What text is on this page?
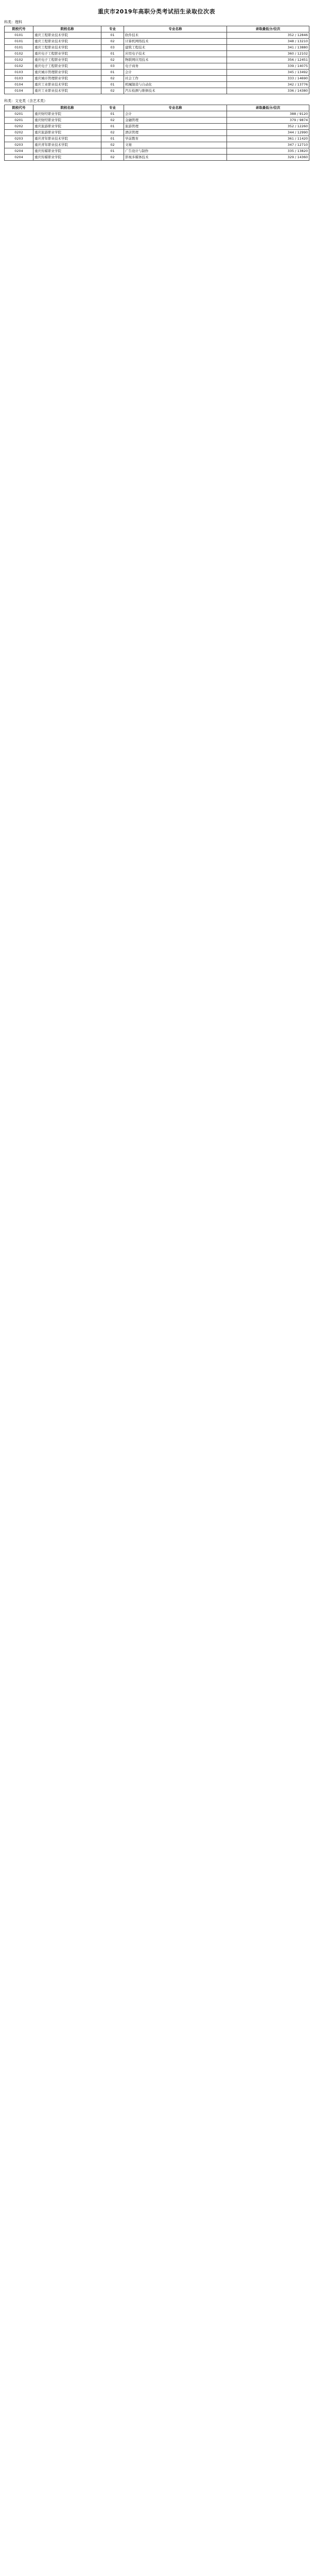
重庆市2019年高职分类考试招生录取位次表
科类：理科
院校代号	院校名称	专业	专业名称	录取最低分/位次
0101	重庆工程职业技术学院	01	软件技术	352 / 12846
0101	重庆工程职业技术学院	02	计算机网络技术	348 / 13210
0101	重庆工程职业技术学院	03	建筑工程技术	341 / 13880
0102	重庆电子工程职业学院	01	应用电子技术	360 / 12102
0102	重庆电子工程职业学院	02	物联网应用技术	356 / 12451
0102	重庆电子工程职业学院	03	电子商务	339 / 14075
0103	重庆城市管理职业学院	01	会计	345 / 13492
0103	重庆城市管理职业学院	02	社会工作	333 / 14690
0104	重庆工业职业技术学院	01	机械制造与自动化	342 / 13776
0104	重庆工业职业技术学院	02	汽车检测与维修技术	336 / 14380
科类：文史类（含艺术类）
院校代号	院校名称	专业	专业名称	录取最低分/位次
0201	重庆财经职业学院	01	会计	388 / 9120
0201	重庆财经职业学院	02	金融管理	379 / 9874
0202	重庆旅游职业学院	01	旅游管理	352 / 12260
0202	重庆旅游职业学院	02	酒店管理	344 / 12990
0203	重庆青年职业技术学院	01	学前教育	361 / 11420
0203	重庆青年职业技术学院	02	文秘	347 / 12710
0204	重庆传媒职业学院	01	广告设计与制作	335 / 13820
0204	重庆传媒职业学院	02	影视多媒体技术	329 / 14360
